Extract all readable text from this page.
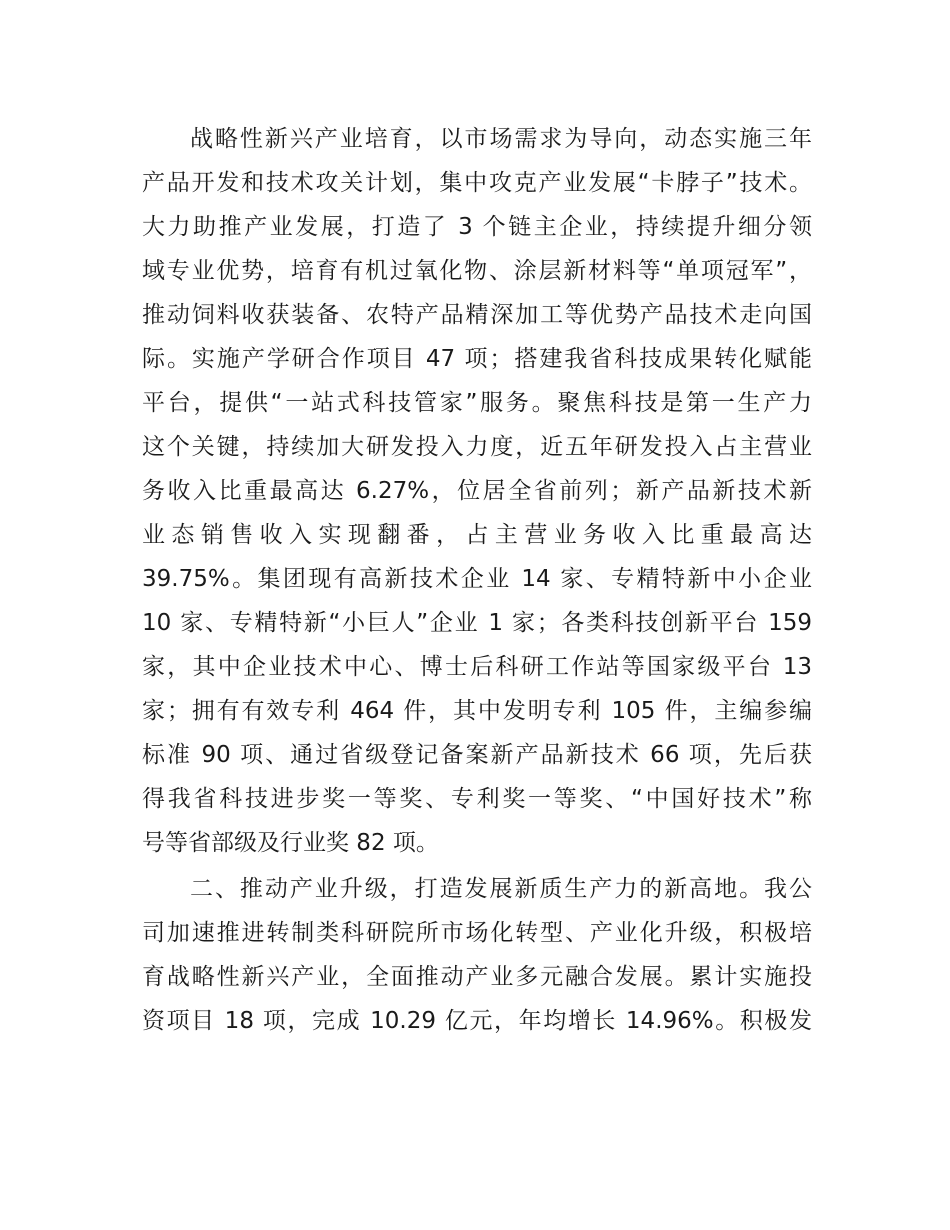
战略性新兴产业培育，以市场需求为导向，动态实施三年
产品开发和技术攻关计划，集中攻克产业发展“卡脖子”技术。
大力助推产业发展，打造了 3 个链主企业，持续提升细分领
域专业优势，培育有机过氧化物、涂层新材料等“单项冠军”，
推动饲料收获装备、农特产品精深加工等优势产品技术走向国
际。实施产学研合作项目 47 项；搭建我省科技成果转化赋能
平台，提供“一站式科技管家”服务。聚焦科技是第一生产力
这个关键，持续加大研发投入力度，近五年研发投入占主营业
务收入比重最高达 6.27%，位居全省前列；新产品新技术新
业态销售收入实现翻番，占主营业务收入比重最高达
39.75%。集团现有高新技术企业 14 家、专精特新中小企业
10 家、专精特新“小巨人”企业 1 家；各类科技创新平台 159
家，其中企业技术中心、博士后科研工作站等国家级平台 13
家；拥有有效专利 464 件，其中发明专利 105 件，主编参编
标准 90 项、通过省级登记备案新产品新技术 66 项，先后获
得我省科技进步奖一等奖、专利奖一等奖、“中国好技术”称
号等省部级及行业奖 82 项。
二、推动产业升级，打造发展新质生产力的新高地。我公
司加速推进转制类科研院所市场化转型、产业化升级，积极培
育战略性新兴产业，全面推动产业多元融合发展。累计实施投
资项目 18 项，完成 10.29 亿元，年均增长 14.96%。积极发
